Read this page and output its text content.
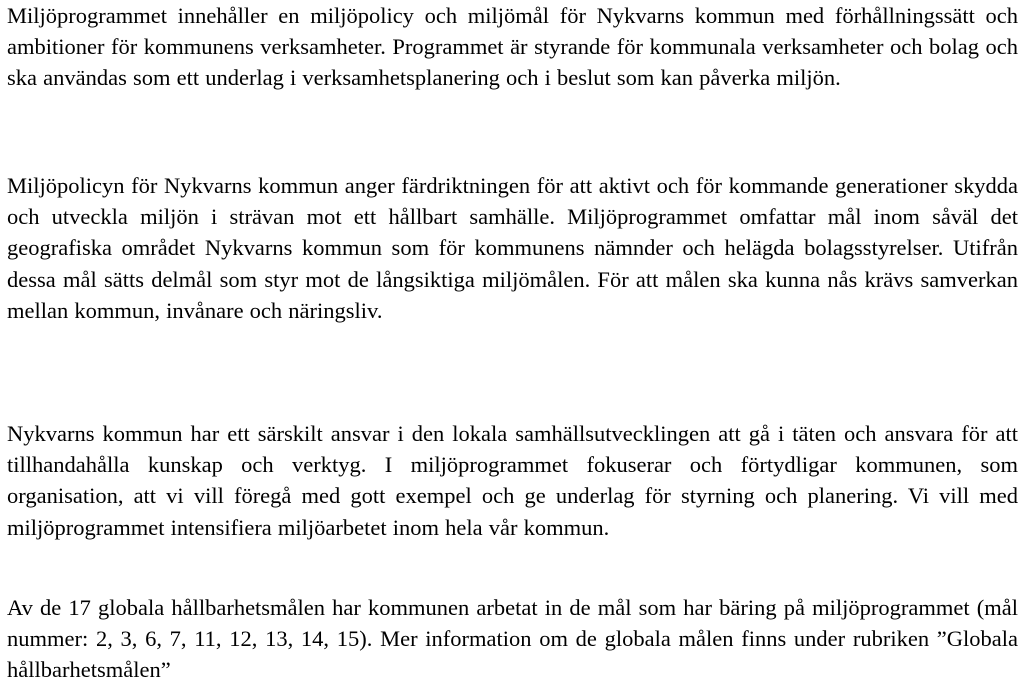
Miljöprogrammet innehåller en miljöpolicy och miljömål för Nykvarns kommun med förhållningssätt och ambitioner för kommunens verksamheter. Programmet är styrande för kommunala verksamheter och bolag och ska användas som ett underlag i verksamhetsplanering och i beslut som kan påverka miljön.

Miljöpolicyn för Nykvarns kommun anger färdriktningen för att aktivt och för kommande generationer skydda och utveckla miljön i strävan mot ett hållbart samhälle. Miljöprogrammet omfattar mål inom såväl det geografiska området Nykvarns kommun som för kommunens nämnder och helägda bolagsstyrelser. Utifrån dessa mål sätts delmål som styr mot de långsiktiga miljömålen. För att målen ska kunna nås krävs samverkan mellan kommun, invånare och näringsliv.

Nykvarns kommun har ett särskilt ansvar i den lokala samhällsutvecklingen att gå i täten och ansvara för att tillhandahålla kunskap och verktyg. I miljöprogrammet fokuserar och förtydligar kommunen, som organisation, att vi vill föregå med gott exempel och ge underlag för styrning och planering. Vi vill med miljöprogrammet intensifiera miljöarbetet inom hela vår kommun.

Av de 17 globala hållbarhetsmålen har kommunen arbetat in de mål som har bäring på miljöprogrammet (mål nummer: 2, 3, 6, 7, 11, 12, 13, 14, 15). Mer information om de globala målen finns under rubriken ”Globala hållbarhetsmålen”
